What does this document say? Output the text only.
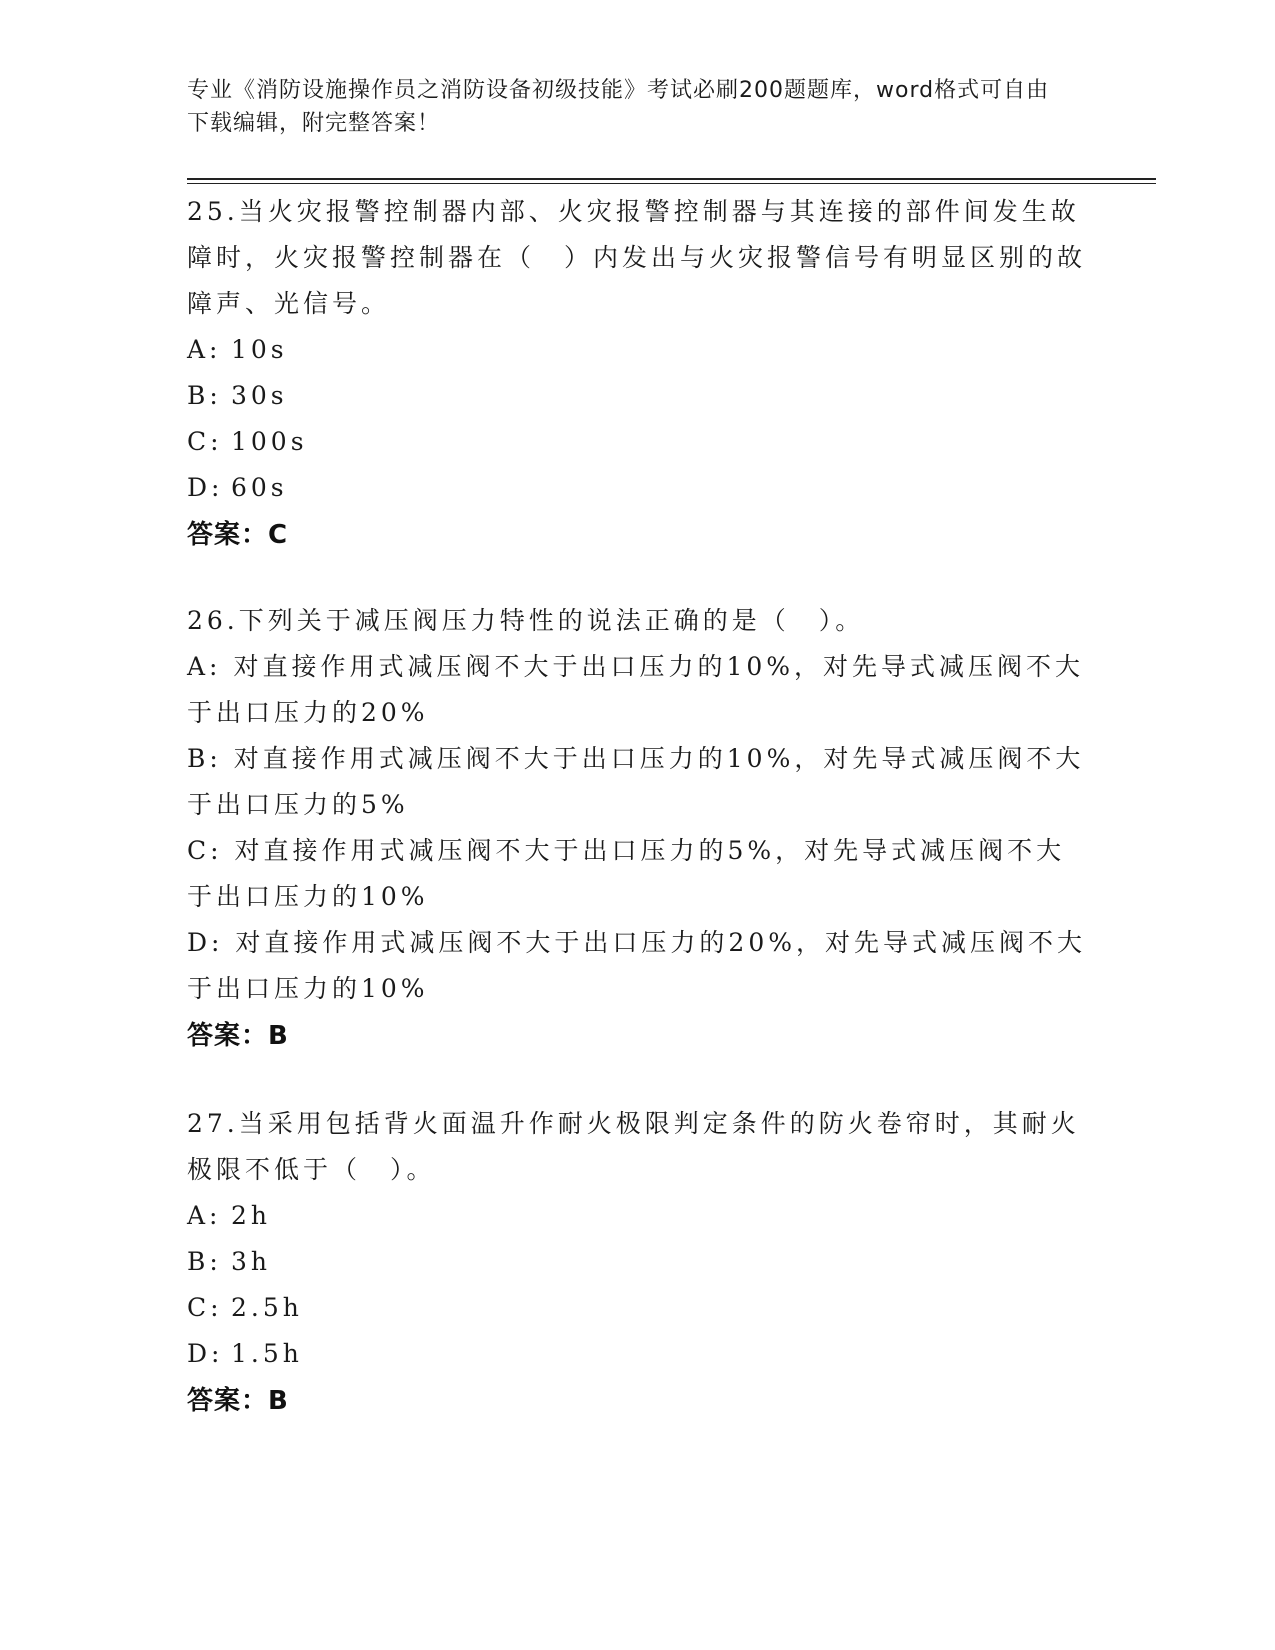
专业《消防设施操作员之消防设备初级技能》考试必刷200题题库，word格式可自由下载编辑，附完整答案！
25.当火灾报警控制器内部、火灾报警控制器与其连接的部件间发生故障时，火灾报警控制器在（　）内发出与火灾报警信号有明显区别的故障声、光信号。
A: 10s
B: 30s
C: 100s
D: 60s
答案：C
26.下列关于减压阀压力特性的说法正确的是（　）。
A: 对直接作用式减压阀不大于出口压力的10%，对先导式减压阀不大于出口压力的20%
B: 对直接作用式减压阀不大于出口压力的10%，对先导式减压阀不大于出口压力的5%
C: 对直接作用式减压阀不大于出口压力的5%，对先导式减压阀不大于出口压力的10%
D: 对直接作用式减压阀不大于出口压力的20%，对先导式减压阀不大于出口压力的10%
答案：B
27.当采用包括背火面温升作耐火极限判定条件的防火卷帘时，其耐火极限不低于（　）。
A: 2h
B: 3h
C: 2.5h
D: 1.5h
答案：B
